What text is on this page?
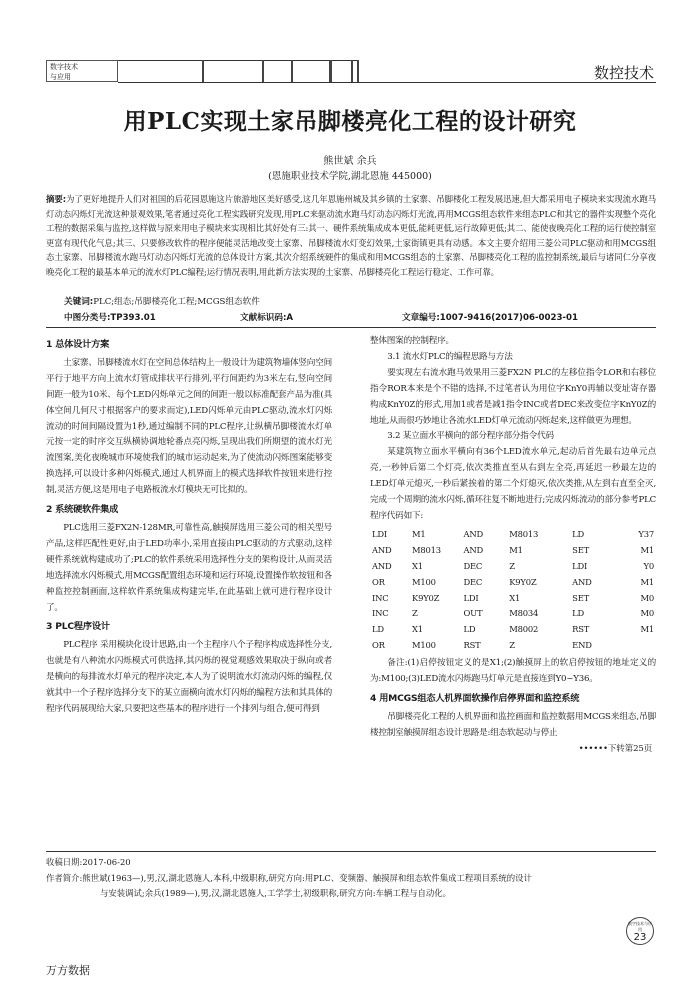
数字技术
与应用	数控技术
用PLC实现土家吊脚楼亮化工程的设计研究
熊世斌 余兵
(恩施职业技术学院,湖北恩施 445000)
摘要:为了更好地提升人们对祖国的后花园恩施这片旅游地区美好感受,这几年恩施州城及其乡镇的土家寨、吊脚楼化工程发展迅速,但大都采用电子模块来实现流水跑马灯动态闪烁灯光流这种景观效果,笔者通过亮化工程实践研究发现,用PLC来驱动流水跑马灯动态闪烁灯光流,再用MCGS组态软件来组态PLC和其它的器件实现整个亮化工程的数据采集与监控,这样做与原来用电子模块来实现相比其好处有三:其一、硬件系统集成成本更低,能耗更低,运行故障更低;其二、能使夜晚亮化工程的运行使控制室更富有现代化气息;其三、只要修改软件的程序便能灵活地改变土家寨、吊脚楼流水灯变幻效果,土家街镇更具有动感。本文主要介绍用三菱公司PLC驱动和用MCGS组态土家寨、吊脚楼流水跑马灯动态闪烁灯光流的总体设计方案,其次介绍系统硬件的集成和用MCGS组态的土家寨、吊脚楼亮化工程的监控制系统,最后与诸同仁分享夜晚亮化工程的最基本单元的流水灯PLC编程;运行情况表明,用此新方法实现的土家寨、吊脚楼亮化工程运行稳定、工作可靠。
关键词:PLC;组态;吊脚楼亮化工程;MCGS组态软件
中图分类号:TP393.01	文献标识码:A	文章编号:1007-9416(2017)06-0023-01
1 总体设计方案

土家寨、吊脚楼流水灯在空间总体结构上一般设计为建筑物墙体竖向空间平行于地平方向上流水灯管成排状平行排列,平行间距约为3米左右,竖向空间间距一般为10米、每个LED闪烁单元之间的间距一般以标准配套产品为准(具体空间几何尺寸根据客户的要求而定),LED闪烁单元由PLC驱动,流水灯闪烁流动的时间间隔设置为1秒,通过编制不同的PLC程序,让纵横吊脚楼流水灯单元按一定的时序交互纵横协调地轮番点亮闪烁,呈现出我们所期望的流水灯光流图案,美化夜晚城市环境使我们的城市运动起来,为了使流动闪烁图案能够变换选择,可以设计多种闪烁模式,通过人机界面上的模式选择软件按钮来进行控制,灵活方便,这是用电子电路板流水灯模块无可比拟的。

2 系统硬软件集成

PLC选用三菱FX2N-128MR,可靠性高,触摸屏选用三菱公司的相关型号产品,这样匹配性更好,由于LED功率小,采用直接由PLC驱动的方式驱动,这样硬件系统就构建成功了;PLC的软件系统采用选择性分支的架构设计,从而灵活地选择流水闪烁模式,用MCGS配置组态环境和运行环境,设置操作软按钮和各种监控控制画面,这样软件系统集成构建完毕,在此基础上就可进行程序设计了。

3 PLC程序设计

PLC程序 采用模块化设计思路,由一个主程序八个子程序构成选择性分支,也就是有八种流水闪烁模式可供选择,其闪烁的视觉观感效果取决于纵向或者是横向的每排流水灯单元的程序决定,本人为了说明流水灯流动闪烁的编程,仅就其中一个子程序选择分支下的某立面横向流水灯闪烁的编程方法和其具体的程序代码展现给大家,只要把这些基本的程序进行一个排列与组合,便可得到

整体图案的控制程序。

3.1 流水灯PLC的编程思路与方法

要实现左右流水跑马效果用三菱FX2N PLC的左移位指令LOR和右移位指令ROR本来是个不错的选择,不过笔者认为用位字KnY0再辅以变址寄存器构成KnY0Z的形式,用加1或者是减1指令INC或者DEC来改变位字KnY0Z的地址,从而很巧妙地让各流水LED灯单元流动闪烁起来,这样做更为理想。

3.2 某立面水平横向的部分程序部分指令代码

某建筑物立面水平横向有36个LED流水单元,起动后首先最右边单元点亮,一秒钟后第二个灯亮,依次类推直至从右到左全亮,再延迟一秒最左边的LED灯单元熄灭,一秒后紧挨着的第二个灯熄灭,依次类推,从左到右直至全灭,完成一个周期的流水闪烁,循环往复不断地进行;完成闪烁流动的部分参考PLC程序代码如下:

LDI	M1	AND	M8013	LD	Y37
AND	M8013	AND	M1	SET	M1
AND	X1	DEC	Z	LDI	Y0
OR	M100	DEC	K9Y0Z	AND	M1
INC	K9Y0Z	LDI	X1	SET	M0
INC	Z	OUT	M8034	LD	M0
LD	X1	LD	M8002	RST	M1
OR	M100	RST	Z	END	

备注:(1)启停按钮定义的是X1;(2)触摸屏上的软启停按钮的地址定义的为:M100;(3)LED流水闪烁跑马灯单元是直接连到Y0~Y36。

4 用MCGS组态人机界面软操作启停界面和监控系统

吊脚楼亮化工程的人机界面和监控画面和监控数据用MCGS来组态,吊脚楼控制室触摸屏组态设计思路是:组态软起动与停止

••••••下转第25页
收稿日期:2017-06-20
作者简介:熊世斌(1963—),男,汉,湖北恩施人,本科,中级职称,研究方向:用PLC、变频器、触摸屏和组态软件集成工程项目系统的设计
与安装调试;余兵(1989—),男,汉,湖北恩施人,工学学士,初级职称,研究方向:车辆工程与自动化。
数字技术与应用
23
万方数据
